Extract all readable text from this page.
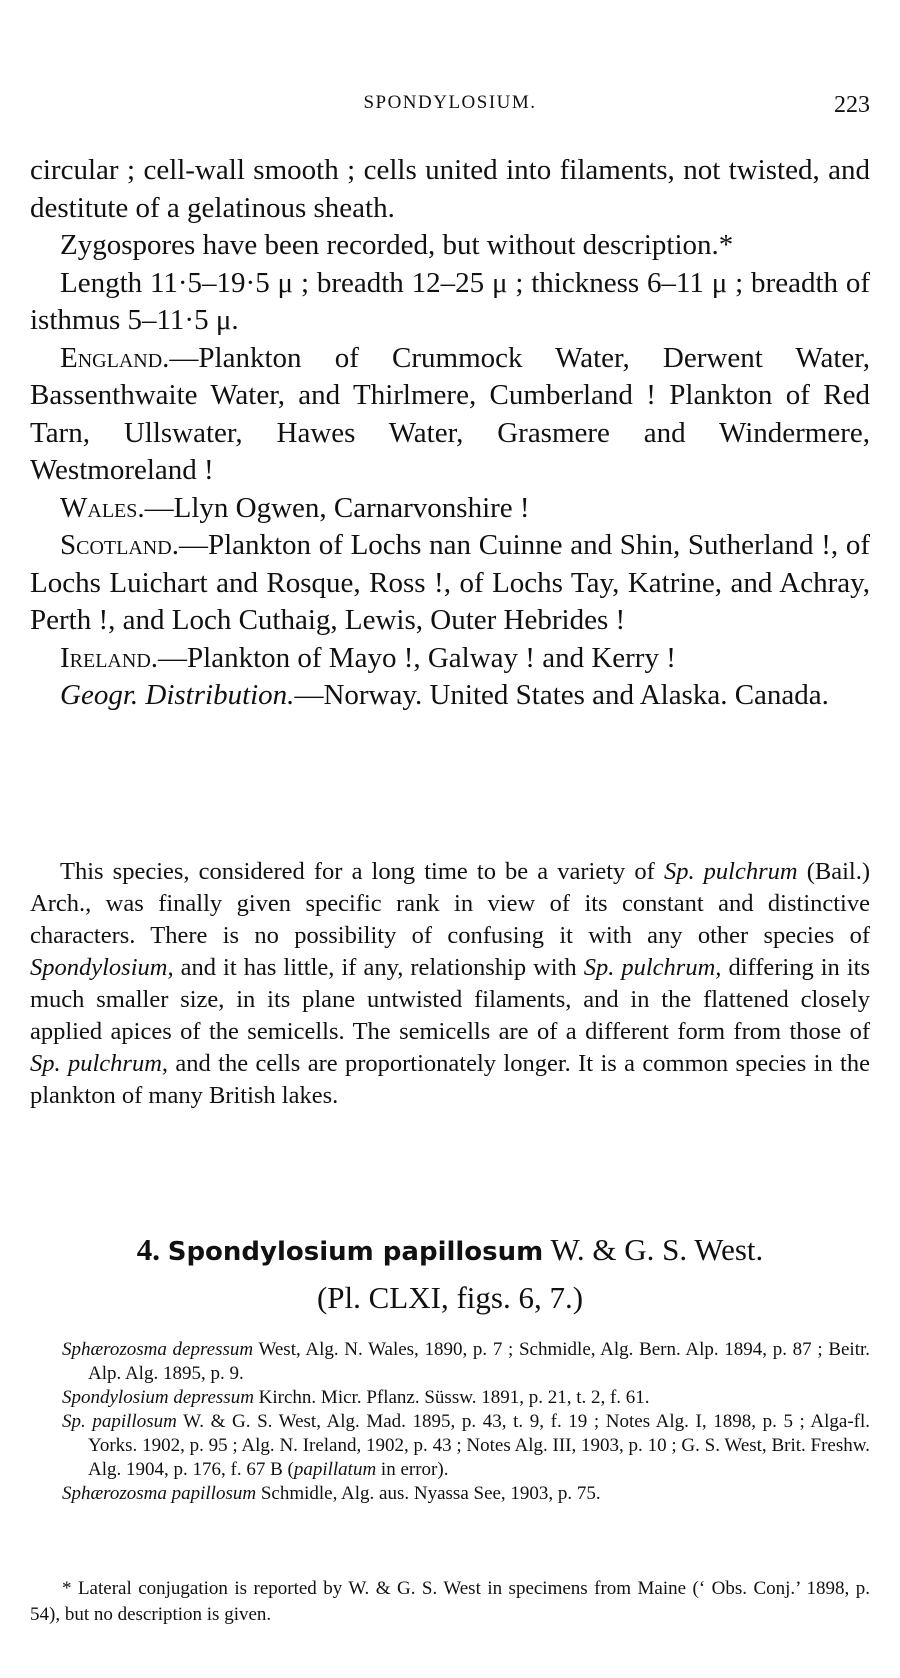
SPONDYLOSIUM.	223

circular ; cell-wall smooth ; cells united into filaments, not twisted, and destitute of a gelatinous sheath.

Zygospores have been recorded, but without description.*

Length 11·5–19·5 μ ; breadth 12–25 μ ; thickness 6–11 μ ; breadth of isthmus 5–11·5 μ.

England.—Plankton of Crummock Water, Derwent Water, Bassenthwaite Water, and Thirlmere, Cumberland ! Plankton of Red Tarn, Ullswater, Hawes Water, Grasmere and Windermere, Westmoreland !

Wales.—Llyn Ogwen, Carnarvonshire !

Scotland.—Plankton of Lochs nan Cuinne and Shin, Sutherland !, of Lochs Luichart and Rosque, Ross !, of Lochs Tay, Katrine, and Achray, Perth !, and Loch Cuthaig, Lewis, Outer Hebrides !

Ireland.—Plankton of Mayo !, Galway ! and Kerry !

Geogr. Distribution.—Norway. United States and Alaska. Canada.

This species, considered for a long time to be a variety of Sp. pulchrum (Bail.) Arch., was finally given specific rank in view of its constant and distinctive characters. There is no possibility of confusing it with any other species of Spondylosium, and it has little, if any, relationship with Sp. pulchrum, differing in its much smaller size, in its plane untwisted filaments, and in the flattened closely applied apices of the semicells. The semicells are of a different form from those of Sp. pulchrum, and the cells are proportionately longer. It is a common species in the plankton of many British lakes.

4. Spondylosium papillosum W. & G. S. West.
(Pl. CLXI, figs. 6, 7.)

Sphærozosma depressum West, Alg. N. Wales, 1890, p. 7 ; Schmidle, Alg. Bern. Alp. 1894, p. 87 ; Beitr. Alp. Alg. 1895, p. 9.

Spondylosium depressum Kirchn. Micr. Pflanz. Süssw. 1891, p. 21, t. 2, f. 61.

Sp. papillosum W. & G. S. West, Alg. Mad. 1895, p. 43, t. 9, f. 19 ; Notes Alg. I, 1898, p. 5 ; Alga-fl. Yorks. 1902, p. 95 ; Alg. N. Ireland, 1902, p. 43 ; Notes Alg. III, 1903, p. 10 ; G. S. West, Brit. Freshw. Alg. 1904, p. 176, f. 67 B (papillatum in error).

Sphærozosma papillosum Schmidle, Alg. aus. Nyassa See, 1903, p. 75.

* Lateral conjugation is reported by W. & G. S. West in specimens from Maine (‘ Obs. Conj.’ 1898, p. 54), but no description is given.
